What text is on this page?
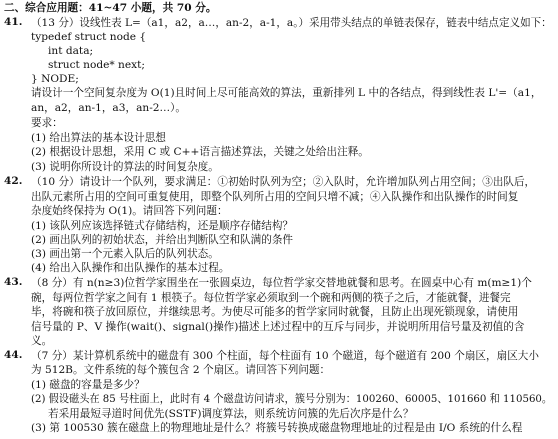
二、综合应用题：41~47 小题，共 70 分。
41. （13 分）设线性表 L=（a1，a2，a…，an-2，a-1，a。）采用带头结点的单链表保存，链表中结点定义如下：
typedef struct node {
int data;
struct node* next;
} NODE;
请设计一个空间复杂度为 O(1)且时间上尽可能高效的算法，重新排列 L 中的各结点，得到线性表 L'=（a1，
an，a2，an-1，a3，an-2…）。
要求：
(1) 给出算法的基本设计思想
(2) 根据设计思想，采用 C 或 C++语言描述算法，关键之处给出注释。
(3) 说明你所设计的算法的时间复杂度。
42. （10 分）请设计一个队列，要求满足：①初始时队列为空；②入队时，允许增加队列占用空间；③出队后，
出队元素所占用的空间可重复使用，即整个队列所占用的空间只增不减；④入队操作和出队操作的时间复
杂度始终保持为 O(1)。请回答下列问题：
(1) 该队列应该选择链式存储结构，还是顺序存储结构？
(2) 画出队列的初始状态，并给出判断队空和队满的条件
(3) 画出第一个元素入队后的队列状态。
(4) 给出入队操作和出队操作的基本过程。
43. （8 分）有 n(n≥3)位哲学家围坐在一张圆桌边，每位哲学家交替地就餐和思考。在圆桌中心有 m(m≥1)个
碗，每两位哲学家之间有 1 根筷子。每位哲学家必须取到一个碗和两侧的筷子之后，才能就餐，进餐完
毕，将碗和筷子放回原位，并继续思考。为使尽可能多的哲学家同时就餐，且防止出现死锁现象，请使用
信号量的 P、V 操作(wait()、signal()操作)描述上述过程中的互斥与同步，并说明所用信号量及初值的含
义。
44. （7 分）某计算机系统中的磁盘有 300 个柱面，每个柱面有 10 个磁道，每个磁道有 200 个扇区，扇区大小
为 512B。文件系统的每个簇包含 2 个扇区。请回答下列问题：
(1) 磁盘的容量是多少？
(2) 假设磁头在 85 号柱面上，此时有 4 个磁盘访问请求，簇号分别为：100260、60005、101660 和 110560。
若采用最短寻道时间优先(SSTF)调度算法，则系统访问簇的先后次序是什么？
(3) 第 100530 簇在磁盘上的物理地址是什么？将簇号转换成磁盘物理地址的过程是由 I/O 系统的什么程
